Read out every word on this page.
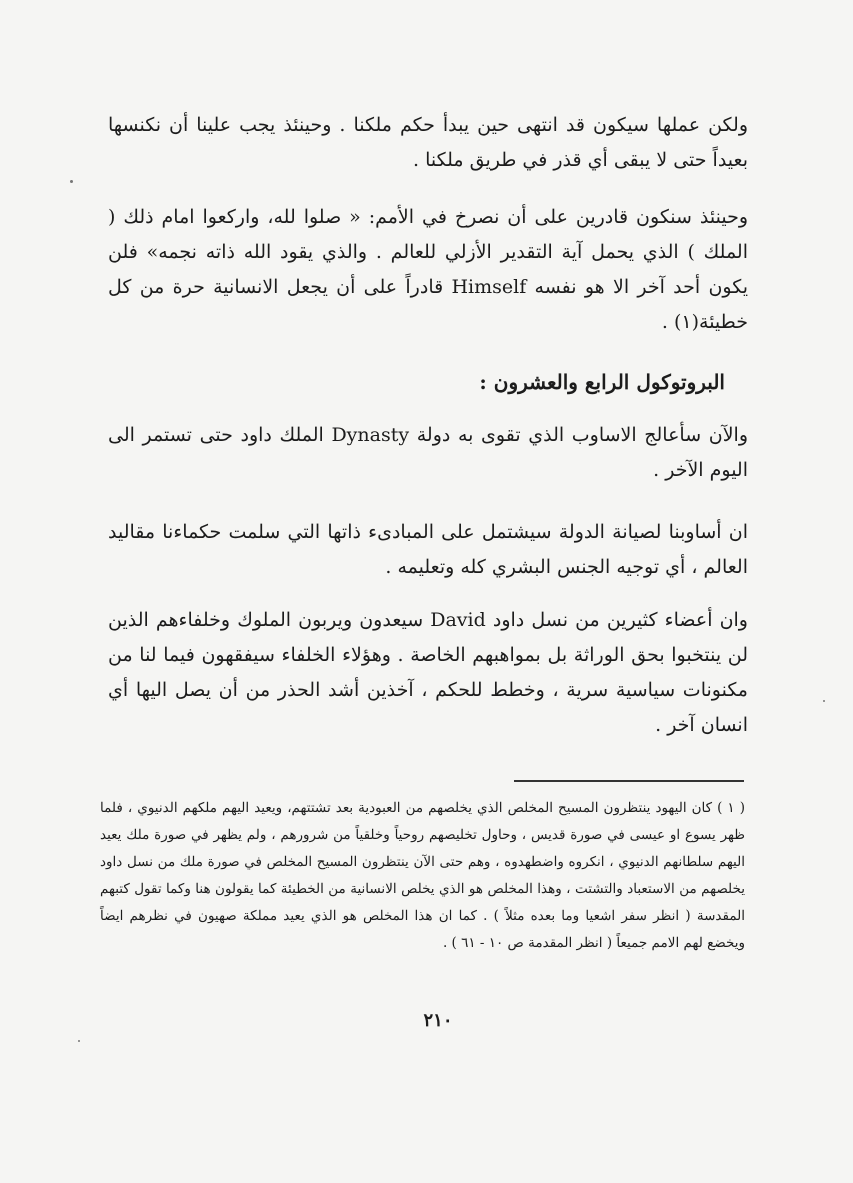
ولكن عملها سيكون قد انتهى حين يبدأ حكم ملكنا . وحينئذ يجب علينا أن نكنسها بعيداً حتى لا يبقى أي قذر في طريق ملكنا .

وحينئذ سنكون قادرين على أن نصرخ في الأمم: « صلوا لله، واركعوا امام ذلك ( الملك ) الذي يحمل آية التقدير الأزلي للعالم . والذي يقود الله ذاته نجمه» فلن يكون أحد آخر الا هو نفسه Himself قادراً على أن يجعل الانسانية حرة من كل خطيئة(١) .

البروتوكول الرابع والعشرون :

والآن سأعالج الاساوب الذي تقوى به دولة Dynasty الملك داود حتى تستمر الى اليوم الآخر .

ان أساوبنا لصيانة الدولة سيشتمل على المبادىء ذاتها التي سلمت حكماءنا مقاليد العالم ، أي توجيه الجنس البشري كله وتعليمه .

وان أعضاء كثيرين من نسل داود David سيعدون ويربون الملوك وخلفاءهم الذين لن ينتخبوا بحق الوراثة بل بمواهبهم الخاصة . وهؤلاء الخلفاء سيفقهون فيما لنا من مكنونات سياسية سرية ، وخطط للحكم ، آخذين أشد الحذر من أن يصل اليها أي انسان آخر .

( ١ ) كان اليهود ينتظرون المسيح المخلص الذي يخلصهم من العبودية بعد تشتتهم، ويعيد اليهم ملكهم الدنيوي ، فلما ظهر يسوع او عيسى في صورة قديس ، وحاول تخليصهم روحياً وخلقياً من شرورهم ، ولم يظهر في صورة ملك يعيد اليهم سلطانهم الدنيوي ، انكروه واضطهدوه ، وهم حتى الآن ينتظرون المسيح المخلص في صورة ملك من نسل داود يخلصهم من الاستعباد والتشتت ، وهذا المخلص هو الذي يخلص الانسانية من الخطيئة كما يقولون هنا وكما تقول كتبهم المقدسة ( انظر سفر اشعيا وما بعده مثلاً ) . كما ان هذا المخلص هو الذي يعيد مملكة صهيون في نظرهم ايضاً ويخضع لهم الامم جميعاً ( انظر المقدمة ص ١٠ - ٦١ ) .

٢١٠
